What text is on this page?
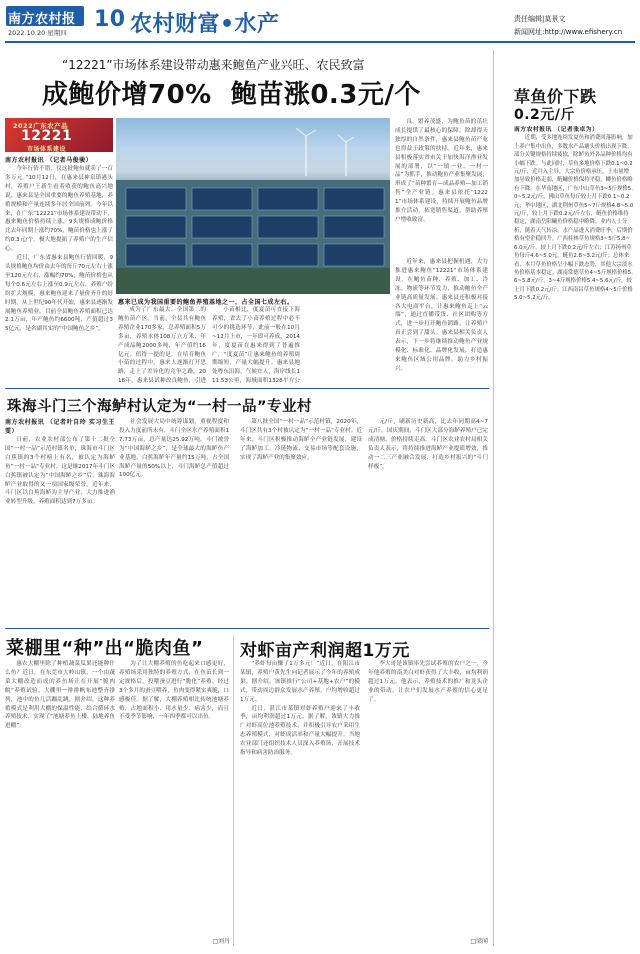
南方农村报
2022.10.20 星期四
10 农村财富•水产	责任编辑|莫景文
新闻网址:http://www.efishery.cn
“12221”市场体系建设带动惠来鲍鱼产业兴旺、农民致富
成鲍价增70%  鲍苗涨0.3元/个
2022广东农产品
12221
市场体系建设
惠来已成为我国重要的鲍鱼养殖基地之一，占全国七成左右。
南方农村报讯 （记者马俊骏）

今年行情不错，仅这批鲍鱼就卖了一百多万元。”10月12日，在惠来县神泉镇港头村，养殖户王新生看着收获的鲍鱼高兴地说。惠来县是全国重要的鲍鱼养殖基地，养殖规模和产量连续多年居全国前列。今年以来，在广东“12221”市场体系建设带动下，惠来鲍鱼价格持续上涨，9头规格成鲍价格比去年同期上涨约70%，鲍苗价格也上涨了约0.3元/个，极大地提振了养殖户的生产信心。

近日，广东省惠来县鲍鱼行情回暖，9头规格鲍鱼均价由去年的每斤70元左右上涨至120元左右，涨幅约70%；鲍苗价格也从每个0.6元左右上涨至0.9元左右。养殖户纷纷扩大规模，惠来鲍鱼迎来了量价齐升的好时期。从上世纪90年代开始，惠来县逐渐发展鲍鱼养殖业，目前全县鲍鱼养殖面积已达2.1万亩，年产鲍鱼约6600吨，产值超过35亿元，是名副其实的“中国鲍鱼之乡”。

成为了广东最大、全国第二的鲍鱼苗产区。当前，全县共有鲍鱼养殖企业170多家，总养殖面积5万多亩，养殖水体108万立方米，年产成品鲍2000多吨，年产值约16亿元。值得一提的是，在培育鲍鱼小苗的过程中，惠来人逐渐打开思路，走上了差异化的竞争之路。2018年，惠来县试种改良鲍鱼，引进

小苗相比，度夏苗可直接下海养殖，省去了小苗养殖过程中必不可少的挑选环节，此前一般在10月~12月上市，一年即可养成，2014年，度夏苗在惠来得到了普遍推广，“度夏苗”让惠来鲍鱼的养殖周期缩短，产量大幅提升。惠来县地处粤东沿海，气候宜人，海岸线长111.53公里，海域面积1328平方公

良、繁养茂盛，为鲍鱼苗的茁壮成长提供了最核心的保障。除却得天独厚的自然条件，惠来县鲍鱼苗产业也得益于政策的扶持。近年来，惠来县积极落实省市关于加快海洋渔业发展的部署，以“一镇一业、一村一品”为抓手，推动鲍鱼产业集聚发展，形成了“苗种繁育—成品养殖—加工销售”全产业链。惠来县依托“12221”市场体系建设，持续开展鲍鱼品牌推介活动，拓宽销售渠道，帮助养殖户增收致富。

近年来，惠来县把握机遇，大力推进惠来鲍鱼“12221”市场体系建设，在鲍鱼苗种、养殖、加工、冷冻、物流等环节发力，推动鲍鱼全产业链高质量发展。惠来县还积极对接各大电商平台，让惠来鲍鱼走上“云端”，通过直播带货、社区团购等方式，进一步打开鲍鱼销路，让养殖户真正尝到了甜头。惠来县相关负责人表示，下一步将继续推动鲍鱼产业规模化、标准化、品牌化发展，打造惠来鲍鱼区域公用品牌，助力乡村振兴。

珠海斗门三个海鲈村认定为“一村一品”专业村
南方农村报讯 （记者叶自玲 实习生王雯）

日前，农业农村部公布了第十二批全国“一村一品”示范村镇名单，珠海市斗门区白蕉镇的3个村榜上有名，被认定为海鲈鱼“一村一品”专业村。这是继2017年斗门区白蕉镇被认定为“中国海鲈之乡”后，珠海海鲈产业取得的又一项国家级荣誉。近年来，斗门区以白蕉海鲈为主导产业，大力推进渔业转型升级，养殖面积达到7万多亩。

社会发展大局中统筹谋划，重视程度和投入力度前所未有。斗门全区水产养殖面积17.73万亩，总产量达25.92万吨。斗门被誉为“中国海鲈之乡”，是全球最大的海鲈鱼产业基地。白蕉海鲈年产量约15万吨，占全国海鲈产量的50%以上，斗门海鲈总产值超过100亿元。

第八批全国“一村一品”示范村镇，2020年，斗门区共有3个村被认定为“一村一品”专业村。近年来，斗门区积极推动海鲈全产业链发展，建设了海鲈加工、冷链物流、交易市场等配套设施，实现了海鲈产业的集聚效应。

元/斤，刷新历史新高，比去年同期高4~7元/斤。国庆期间，斗门区大部分海鲈养殖户已完成清塘，价格持续走高。斗门区农业农村局相关负责人表示，将持续推进海鲈产业提质增效，推动一二三产业融合发展，打造乡村振兴的“斗门样板”。

菜棚里“种”出“脆肉鱼”

惠农大棚里除了种植蔬菜瓜果还能种什么鱼？近日，在东莞市大岭山镇，一个由蔬菜大棚改造而成的养鱼场正在开展“脆肉鲩”养殖试验。大棚里一排排帆布池整齐排列，池中的鱼儿活蹦乱跳。据介绍，这种养殖模式是利用大棚的保温性能，结合循环水养殖技术，实现了“池塘养鱼上楼、陆地养鱼进棚”。

为了让大棚养殖的鱼吃起来口感更好，养殖场采用独特的养殖方式，在鱼苗长到一定规格后，投喂蚕豆进行“脆化”养殖。经过3个多月的蚕豆喂养，鱼肉变得紧实爽脆，口感极佳。据了解，大棚养殖相比传统池塘养殖，占地面积小、用水量少、病害少，而且不受季节影响，一年四季都可以出鱼。

□刘丹
对虾亩产利润超1万元

“养虾每亩赚了1万多元！”近日，在阳江市某镇，养殖户黄先生向记者展示了今年的养殖成果。据介绍，该镇推行“公司+基地+农户”的模式，带动周边群众发展水产养殖，户均增收超过1万元。

近日，湛江市某镇对虾养殖户迎来了丰收季，亩均利润超过1万元。据了解，该镇大力推广对虾高位池养殖技术，并积极引导农户采用生态养殖模式，对虾成活率和产量大幅提升。当地农业部门还组织技术人员深入养殖场，开展技术指导和病害防治服务。

李大哥是该镇率先尝试养殖的农户之一，今年他养殖的南美白对虾获得了大丰收，亩均利润超过1万元。他表示，养殖技术的推广和龙头企业的带动，让农户们发展水产养殖的信心更足了。

□梁闻
草鱼价下跌
0.2元/斤
南方农村报讯 （记者张卓为）

近期，受多地连续发夏鱼和消费回落影响，加上养户集中出鱼，多数水产品塘头价格出现下降，部分关键规格持续疲软，除鲈鱼外各品种价格均有小幅下跌。与此同时，草鱼多地价格下跌0.1~0.2元/斤，近月入主导，大宗鱼价格承压，上市量增加导致价格走弱，鲢鳙价格保持平稳，鲫鱼价格略有下降。在华南地区，广东中山草鱼3~5斤规格5.0~5.2元/斤，佛山草鱼每斤较上月下跌0.1~0.2元；华中地区，湖北荆州草鱼5~7斤规格4.8~5.0元/斤，较上月下跌0.2元/斤左右，鲢鱼价格维持稳定，湖南岳阳鳙鱼价格稳中略降。业内人士分析，随着天气转凉，水产品进入消费旺季，后期价格有望企稳回升。广西桂林草鱼规格3~5斤5.8~6.0元/斤，较上月下跌0.2元/斤左右；江苏扬州草鱼每斤4.6~5.0元，鲢鱼2.8~3.2元/斤；总体来看，本月草鱼价格呈小幅下跌态势，其他大宗淡水鱼价格基本稳定。湖南常德草鱼4~5斤规格价格5.6~5.8元/斤，3~4斤规格价格5.4~5.6元/斤，较上月下跌0.2元/斤；江西南昌草鱼规格4~5斤价格5.0~5.2元/斤。
